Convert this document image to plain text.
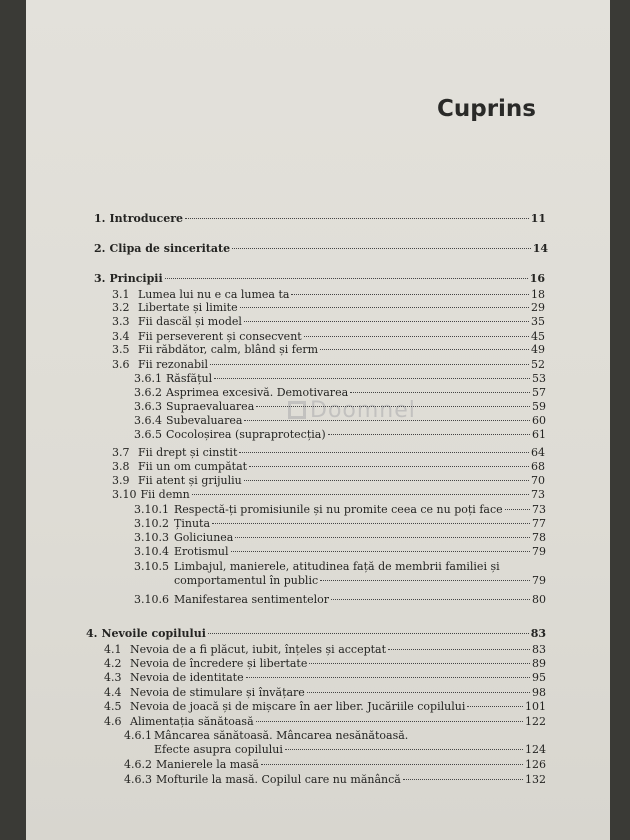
Cuprins
Doomnel
1. Introducere	11
2. Clipa de sinceritate	14
3. Principii	16
3.1 Lumea lui nu e ca lumea ta	18
3.2 Libertate și limite	29
3.3 Fii dascăl și model	35
3.4 Fii perseverent și consecvent	45
3.5 Fii răbdător, calm, blând și ferm	49
3.6 Fii rezonabil	52
3.6.1 Răsfățul	53
3.6.2 Asprimea excesivă. Demotivarea	57
3.6.3 Supraevaluarea	59
3.6.4 Subevaluarea	60
3.6.5 Cocoloșirea (supraprotecția)	61
3.7 Fii drept și cinstit	64
3.8 Fii un om cumpătat	68
3.9 Fii atent și grijuliu	70
3.10 Fii demn	73
3.10.1 Respectă-ți promisiunile și nu promite ceea ce nu poți face	73
3.10.2 Ținuta	77
3.10.3 Goliciunea	78
3.10.4 Erotismul	79
3.10.5 Limbajul, manierele, atitudinea față de membrii familiei și
comportamentul în public	79
3.10.6 Manifestarea sentimentelor	80
4. Nevoile copilului	83
4.1 Nevoia de a fi plăcut, iubit, înțeles și acceptat	83
4.2 Nevoia de încredere și libertate	89
4.3 Nevoia de identitate	95
4.4 Nevoia de stimulare și învățare	98
4.5 Nevoia de joacă și de mișcare în aer liber. Jucăriile copilului	101
4.6 Alimentația sănătoasă	122
4.6.1 Mâncarea sănătoasă. Mâncarea nesănătoasă.
Efecte asupra copilului	124
4.6.2 Manierele la masă	126
4.6.3 Mofturile la masă. Copilul care nu mănâncă	132
